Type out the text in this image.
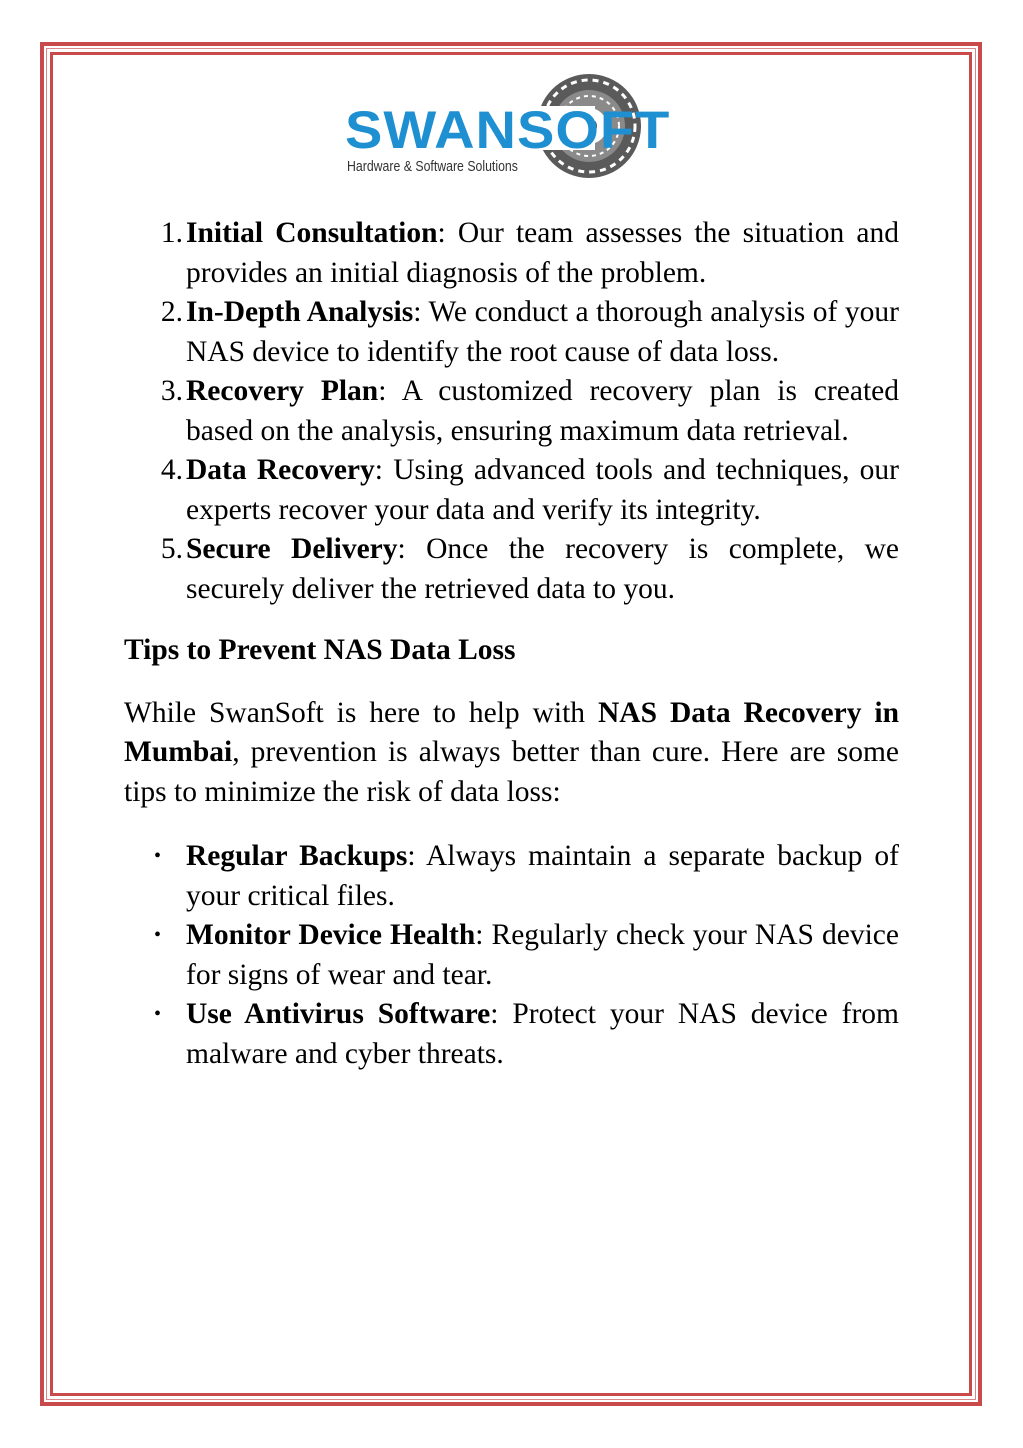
SWANSOFT
Hardware & Software Solutions
1. Initial Consultation: Our team assesses the situation and provides an initial diagnosis of the problem.
2. In-Depth Analysis: We conduct a thorough analysis of your NAS device to identify the root cause of data loss.
3. Recovery Plan: A customized recovery plan is created based on the analysis, ensuring maximum data retrieval.
4. Data Recovery: Using advanced tools and techniques, our experts recover your data and verify its integrity.
5. Secure Delivery: Once the recovery is complete, we securely deliver the retrieved data to you.
Tips to Prevent NAS Data Loss

While SwanSoft is here to help with NAS Data Recovery in Mumbai, prevention is always better than cure. Here are some tips to minimize the risk of data loss:

• Regular Backups: Always maintain a separate backup of your critical files.
• Monitor Device Health: Regularly check your NAS device for signs of wear and tear.
• Use Antivirus Software: Protect your NAS device from malware and cyber threats.
